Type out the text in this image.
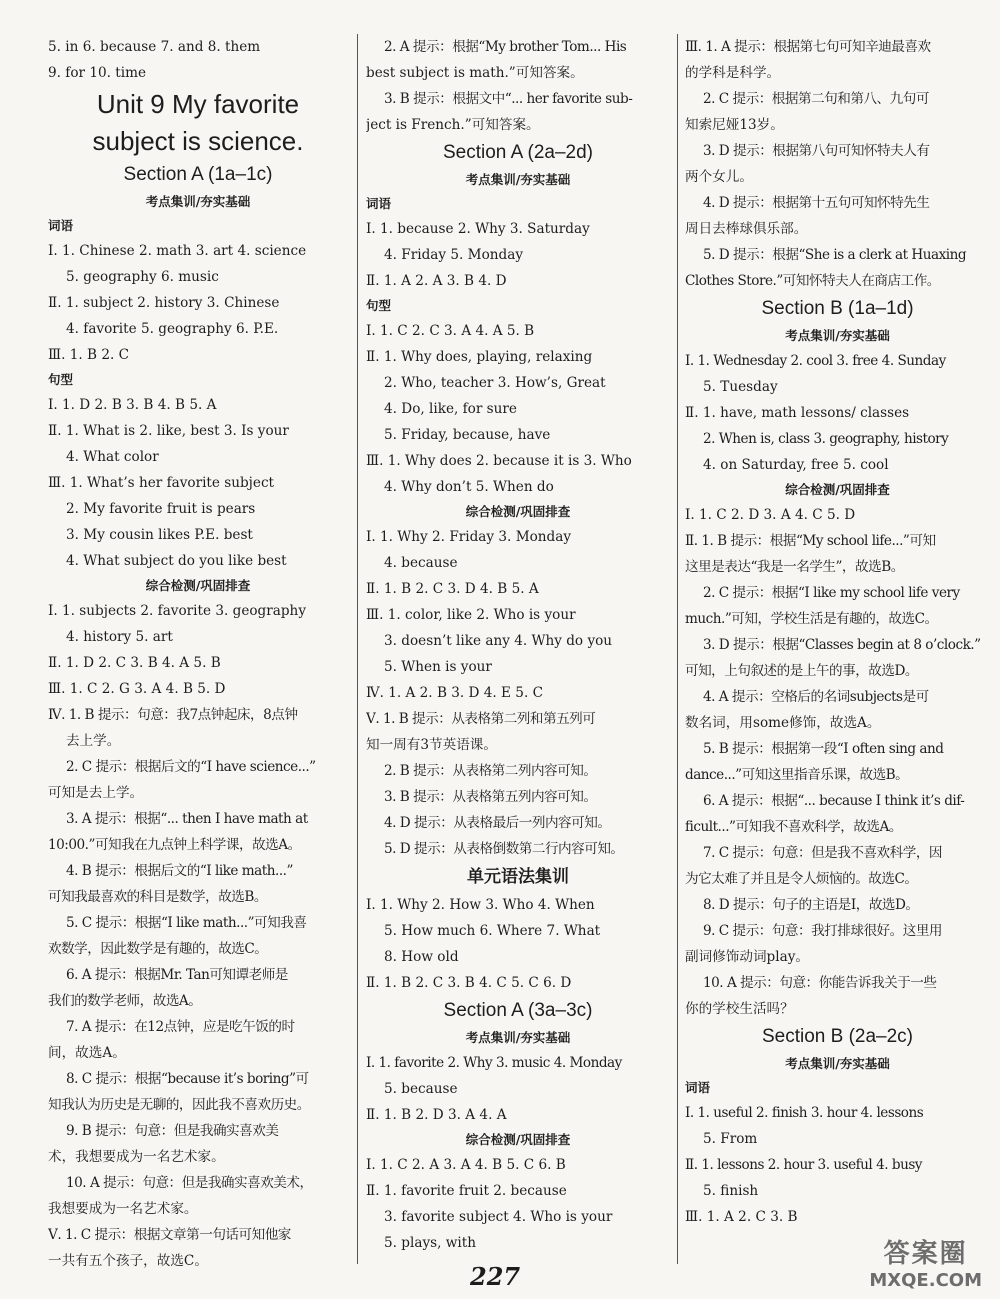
5. in 6. because 7. and 8. them
9. for 10. time
Unit 9 My favorite
subject is science.
Section A (1a–1c)
考点集训/夯实基础
词语
Ⅰ. 1. Chinese 2. math 3. art 4. science
5. geography 6. music
Ⅱ. 1. subject 2. history 3. Chinese
4. favorite 5. geography 6. P.E.
Ⅲ. 1. B 2. C
句型
Ⅰ. 1. D 2. B 3. B 4. B 5. A
Ⅱ. 1. What is 2. like, best 3. Is your
4. What color
Ⅲ. 1. What’s her favorite subject
2. My favorite fruit is pears
3. My cousin likes P.E. best
4. What subject do you like best
综合检测/巩固排查
Ⅰ. 1. subjects 2. favorite 3. geography
4. history 5. art
Ⅱ. 1. D 2. C 3. B 4. A 5. B
Ⅲ. 1. C 2. G 3. A 4. B 5. D
Ⅳ. 1. B 提示：句意：我7点钟起床，8点钟
去上学。
2. C 提示：根据后文的“I have science...”
可知是去上学。
3. A 提示：根据“... then I have math at
10:00.”可知我在九点钟上科学课，故选A。
4. B 提示：根据后文的“I like math...”
可知我最喜欢的科目是数学，故选B。
5. C 提示：根据“I like math...”可知我喜
欢数学，因此数学是有趣的，故选C。
6. A 提示：根据Mr. Tan可知谭老师是
我们的数学老师，故选A。
7. A 提示：在12点钟，应是吃午饭的时
间，故选A。
8. C 提示：根据“because it’s boring”可
知我认为历史是无聊的，因此我不喜欢历史。
9. B 提示：句意：但是我确实喜欢美
术，我想要成为一名艺术家。
10. A 提示：句意：但是我确实喜欢美术，
我想要成为一名艺术家。
Ⅴ. 1. C 提示：根据文章第一句话可知他家
一共有五个孩子，故选C。
2. A 提示：根据“My brother Tom... His
best subject is math.”可知答案。
3. B 提示：根据文中“... her favorite sub-
ject is French.”可知答案。
Section A (2a–2d)
考点集训/夯实基础
词语
Ⅰ. 1. because 2. Why 3. Saturday
4. Friday 5. Monday
Ⅱ. 1. A 2. A 3. B 4. D
句型
Ⅰ. 1. C 2. C 3. A 4. A 5. B
Ⅱ. 1. Why does, playing, relaxing
2. Who, teacher 3. How’s, Great
4. Do, like, for sure
5. Friday, because, have
Ⅲ. 1. Why does 2. because it is 3. Who
4. Why don’t 5. When do
综合检测/巩固排查
Ⅰ. 1. Why 2. Friday 3. Monday
4. because
Ⅱ. 1. B 2. C 3. D 4. B 5. A
Ⅲ. 1. color, like 2. Who is your
3. doesn’t like any 4. Why do you
5. When is your
Ⅳ. 1. A 2. B 3. D 4. E 5. C
Ⅴ. 1. B 提示：从表格第二列和第五列可
知一周有3节英语课。
2. B 提示：从表格第二列内容可知。
3. B 提示：从表格第五列内容可知。
4. D 提示：从表格最后一列内容可知。
5. D 提示：从表格倒数第二行内容可知。
单元语法集训
Ⅰ. 1. Why 2. How 3. Who 4. When
5. How much 6. Where 7. What
8. How old
Ⅱ. 1. B 2. C 3. B 4. C 5. C 6. D
Section A (3a–3c)
考点集训/夯实基础
Ⅰ. 1. favorite 2. Why 3. music 4. Monday
5. because
Ⅱ. 1. B 2. D 3. A 4. A
综合检测/巩固排查
Ⅰ. 1. C 2. A 3. A 4. B 5. C 6. B
Ⅱ. 1. favorite fruit 2. because
3. favorite subject 4. Who is your
5. plays, with
Ⅲ. 1. A 提示：根据第七句可知辛迪最喜欢
的学科是科学。
2. C 提示：根据第二句和第八、九句可
知索尼娅13岁。
3. D 提示：根据第八句可知怀特夫人有
两个女儿。
4. D 提示：根据第十五句可知怀特先生
周日去棒球俱乐部。
5. D 提示：根据“She is a clerk at Huaxing
Clothes Store.”可知怀特夫人在商店工作。
Section B (1a–1d)
考点集训/夯实基础
Ⅰ. 1. Wednesday 2. cool 3. free 4. Sunday
5. Tuesday
Ⅱ. 1. have, math lessons/ classes
2. When is, class 3. geography, history
4. on Saturday, free 5. cool
综合检测/巩固排查
Ⅰ. 1. C 2. D 3. A 4. C 5. D
Ⅱ. 1. B 提示：根据“My school life...”可知
这里是表达“我是一名学生”，故选B。
2. C 提示：根据“I like my school life very
much.”可知，学校生活是有趣的，故选C。
3. D 提示：根据“Classes begin at 8 o’clock.”
可知，上句叙述的是上午的事，故选D。
4. A 提示：空格后的名词subjects是可
数名词，用some修饰，故选A。
5. B 提示：根据第一段“I often sing and
dance...”可知这里指音乐课，故选B。
6. A 提示：根据“... because I think it’s dif-
ficult...”可知我不喜欢科学，故选A。
7. C 提示：句意：但是我不喜欢科学，因
为它太难了并且是令人烦恼的。故选C。
8. D 提示：句子的主语是I，故选D。
9. C 提示：句意：我打排球很好。这里用
副词修饰动词play。
10. A 提示：句意：你能告诉我关于一些
你的学校生活吗？
Section B (2a–2c)
考点集训/夯实基础
词语
Ⅰ. 1. useful 2. finish 3. hour 4. lessons
5. From
Ⅱ. 1. lessons 2. hour 3. useful 4. busy
5. finish
Ⅲ. 1. A 2. C 3. B
227
答案圈
MXQE.COM
